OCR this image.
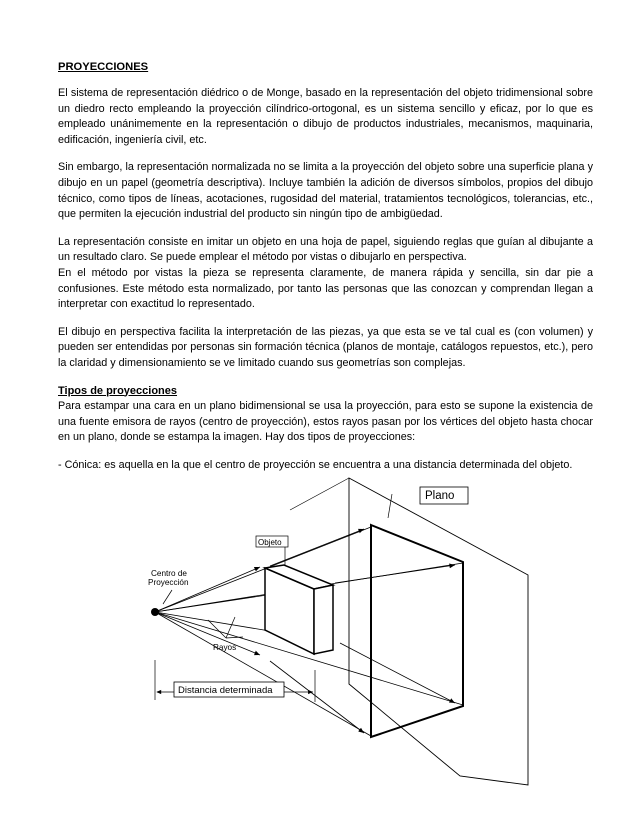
PROYECCIONES

El sistema de representación diédrico o de Monge, basado en la representación del objeto tridimensional sobre un diedro recto empleando la proyección cilíndrico-ortogonal, es un sistema sencillo y eficaz, por lo que es empleado unánimemente en la representación o dibujo de productos industriales, mecanismos, maquinaria, edificación, ingeniería civil, etc.

Sin embargo, la representación normalizada no se limita a la proyección del objeto sobre una superficie plana y dibujo en un papel (geometría descriptiva). Incluye también la adición de diversos símbolos, propios del dibujo técnico, como tipos de líneas, acotaciones, rugosidad del material, tratamientos tecnológicos, tolerancias, etc., que permiten la ejecución industrial del producto sin ningún tipo de ambigüedad.

La representación consiste en imitar un objeto en una hoja de papel, siguiendo reglas que guían al dibujante a un resultado claro. Se puede emplear el método por vistas o dibujarlo en perspectiva.

En el método por vistas la pieza se representa claramente, de manera rápida y sencilla, sin dar pie a confusiones. Este método esta normalizado, por tanto las personas que las conozcan y comprendan llegan a interpretar con exactitud lo representado.

El dibujo en perspectiva facilita la interpretación de las piezas, ya que esta se ve tal cual es (con volumen) y pueden ser entendidas por personas sin formación técnica (planos de montaje, catálogos repuestos, etc.), pero la claridad y dimensionamiento se ve limitado cuando sus geometrías son complejas.

Tipos de proyecciones

Para estampar una cara en un plano bidimensional se usa la proyección, para esto se supone la existencia de una fuente emisora de rayos (centro de proyección), estos rayos pasan por los vértices del objeto hasta chocar en un plano, donde se estampa la imagen. Hay dos tipos de proyecciones:

- Cónica: es aquella en la que el centro de proyección se encuentra a una distancia determinada del objeto.

Plano
Objeto
Centro de
Proyección
Rayos
Distancia determinada
